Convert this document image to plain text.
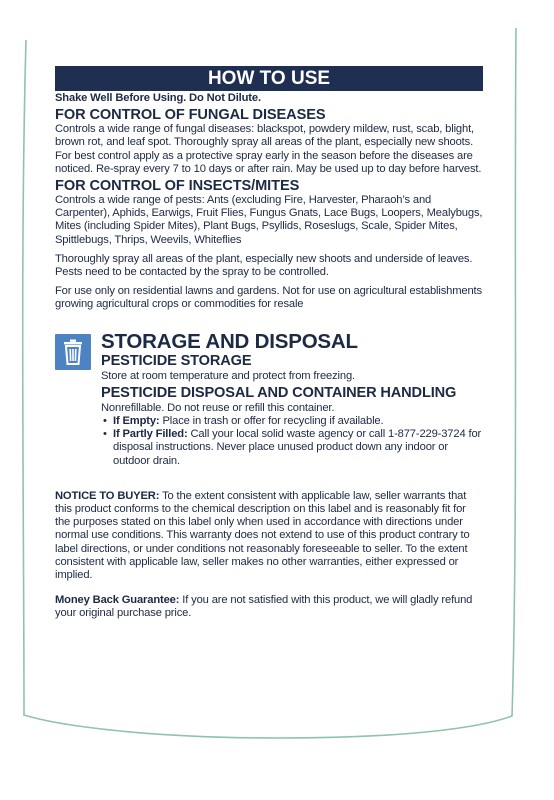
HOW TO USE
Shake Well Before Using. Do Not Dilute.
FOR CONTROL OF FUNGAL DISEASES

Controls a wide range of fungal diseases: blackspot, powdery mildew, rust, scab, blight, brown rot, and leaf spot. Thoroughly spray all areas of the plant, especially new shoots. For best control apply as a protective spray early in the season before the diseases are noticed. Re-spray every 7 to 10 days or after rain. May be used up to day before harvest.

FOR CONTROL OF INSECTS/MITES

Controls a wide range of pests: Ants (excluding Fire, Harvester, Pharaoh’s and Carpenter), Aphids, Earwigs, Fruit Flies, Fungus Gnats, Lace Bugs, Loopers, Mealybugs, Mites (including Spider Mites), Plant Bugs, Psyllids, Roseslugs, Scale, Spider Mites, Spittlebugs, Thrips, Weevils, Whiteflies

Thoroughly spray all areas of the plant, especially new shoots and underside of leaves. Pests need to be contacted by the spray to be controlled.

For use only on residential lawns and gardens. Not for use on agricultural establishments growing agricultural crops or commodities for resale

STORAGE AND DISPOSAL
PESTICIDE STORAGE

Store at room temperature and protect from freezing.

PESTICIDE DISPOSAL AND CONTAINER HANDLING

Nonrefillable. Do not reuse or refill this container.

• If Empty: Place in trash or offer for recycling if available.
• If Partly Filled: Call your local solid waste agency or call 1-877-229-3724 for disposal instructions. Never place unused product down any indoor or outdoor drain.

NOTICE TO BUYER: To the extent consistent with applicable law, seller warrants that this product conforms to the chemical description on this label and is reasonably fit for the purposes stated on this label only when used in accordance with directions under normal use conditions. This warranty does not extend to use of this product contrary to label directions, or under conditions not reasonably foreseeable to seller. To the extent consistent with applicable law, seller makes no other warranties, either expressed or implied.

Money Back Guarantee: If you are not satisfied with this product, we will gladly refund your original purchase price.
